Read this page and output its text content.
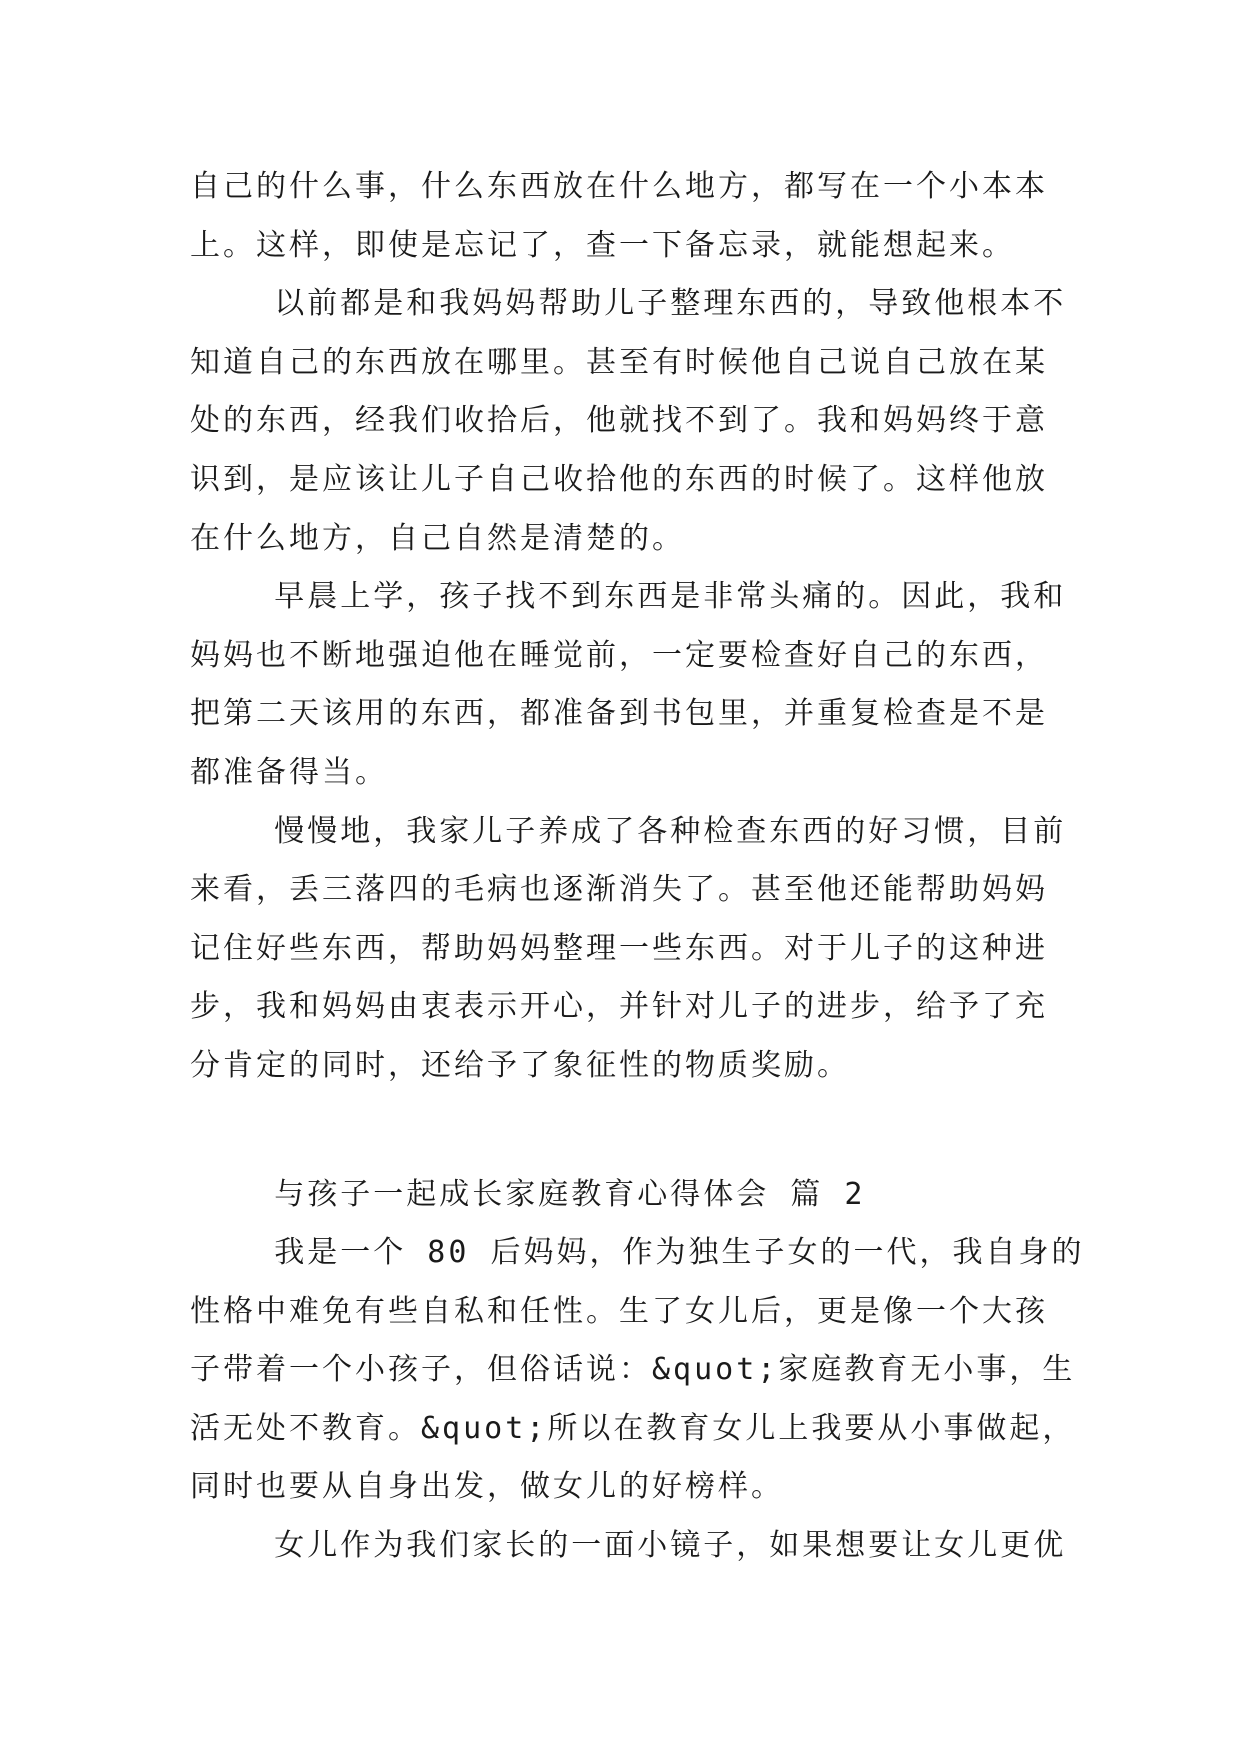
自己的什么事，什么东西放在什么地方，都写在一个小本本
上。这样，即使是忘记了，查一下备忘录，就能想起来。
以前都是和我妈妈帮助儿子整理东西的，导致他根本不
知道自己的东西放在哪里。甚至有时候他自己说自己放在某
处的东西，经我们收拾后，他就找不到了。我和妈妈终于意
识到，是应该让儿子自己收拾他的东西的时候了。这样他放
在什么地方，自己自然是清楚的。
早晨上学，孩子找不到东西是非常头痛的。因此，我和
妈妈也不断地强迫他在睡觉前，一定要检查好自己的东西，
把第二天该用的东西，都准备到书包里，并重复检查是不是
都准备得当。
慢慢地，我家儿子养成了各种检查东西的好习惯，目前
来看，丢三落四的毛病也逐渐消失了。甚至他还能帮助妈妈
记住好些东西，帮助妈妈整理一些东西。对于儿子的这种进
步，我和妈妈由衷表示开心，并针对儿子的进步，给予了充
分肯定的同时，还给予了象征性的物质奖励。
与孩子一起成长家庭教育心得体会 篇 2
我是一个 80 后妈妈，作为独生子女的一代，我自身的
性格中难免有些自私和任性。生了女儿后，更是像一个大孩
子带着一个小孩子，但俗话说：&quot;家庭教育无小事，生
活无处不教育。&quot;所以在教育女儿上我要从小事做起，
同时也要从自身出发，做女儿的好榜样。
女儿作为我们家长的一面小镜子，如果想要让女儿更优
